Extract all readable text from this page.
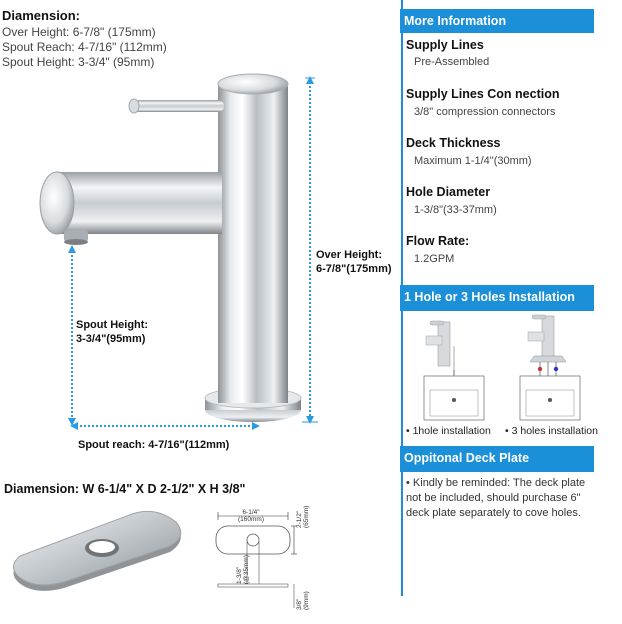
Diamension:
Over Height: 6-7/8" (175mm)
Spout Reach: 4-7/16" (112mm)
Spout Height: 3-3/4" (95mm)
Over Height:
6-7/8"(175mm)
Spout Height:
3-3/4"(95mm)
Spout reach: 4-7/16"(112mm)
Diamension: W 6-1/4" X D 2-1/2" X H 3/8"
6-1/4"
(160mm)	2-1/2" (65mm)
1-3/8" (@35mm)
3/8" (9mm)
More Information
Supply Lines
Pre-Assembled
Supply Lines Con nection
3/8" compression connectors
Deck Thickness
Maximum 1-1/4"(30mm)
Hole Diameter
1-3/8"(33-37mm)
Flow Rate:
1.2GPM
1 Hole or 3 Holes Installation
• 1hole installation • 3 holes installation
Oppitonal Deck Plate
• Kindly be reminded: The deck plate not be included, should purchase 6" deck plate separately to cove holes.
